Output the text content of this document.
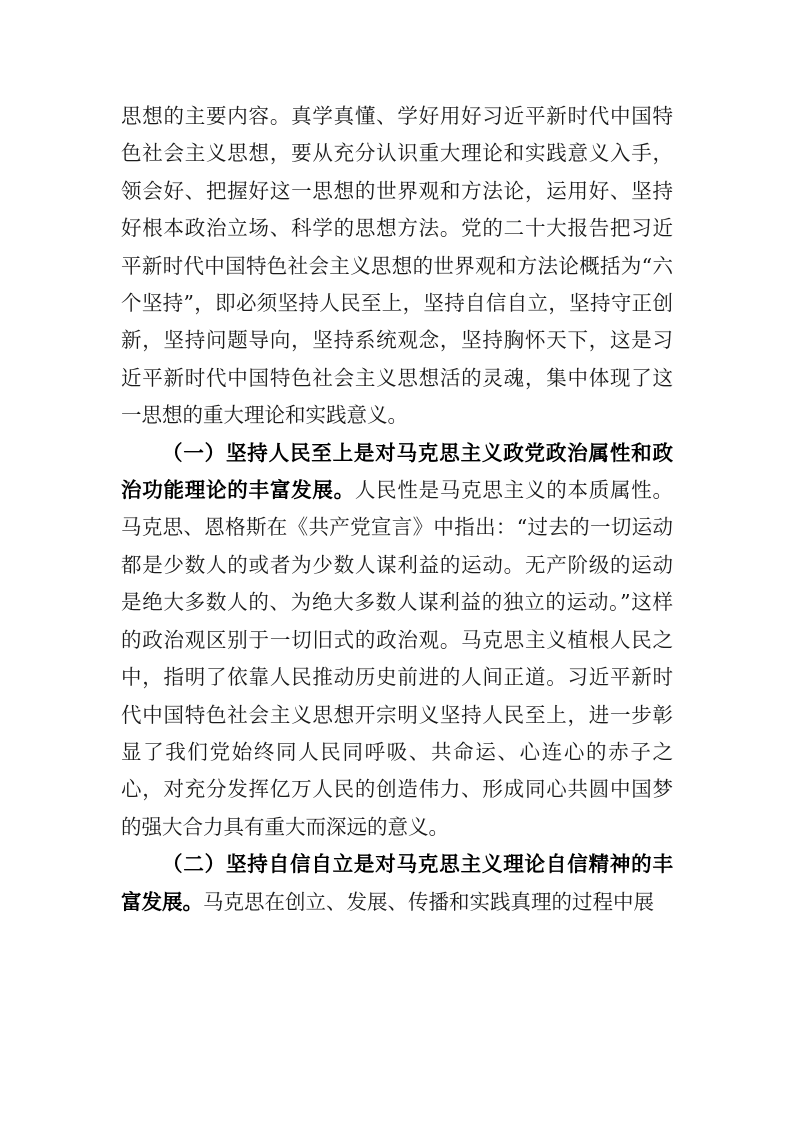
思想的主要内容。真学真懂、学好用好习近平新时代中国特色社会主义思想，要从充分认识重大理论和实践意义入手，领会好、把握好这一思想的世界观和方法论，运用好、坚持好根本政治立场、科学的思想方法。党的二十大报告把习近平新时代中国特色社会主义思想的世界观和方法论概括为“六个坚持”，即必须坚持人民至上，坚持自信自立，坚持守正创新，坚持问题导向，坚持系统观念，坚持胸怀天下，这是习近平新时代中国特色社会主义思想活的灵魂，集中体现了这一思想的重大理论和实践意义。

（一）坚持人民至上是对马克思主义政党政治属性和政治功能理论的丰富发展。人民性是马克思主义的本质属性。马克思、恩格斯在《共产党宣言》中指出：“过去的一切运动都是少数人的或者为少数人谋利益的运动。无产阶级的运动是绝大多数人的、为绝大多数人谋利益的独立的运动。”这样的政治观区别于一切旧式的政治观。马克思主义植根人民之中，指明了依靠人民推动历史前进的人间正道。习近平新时代中国特色社会主义思想开宗明义坚持人民至上，进一步彰显了我们党始终同人民同呼吸、共命运、心连心的赤子之心，对充分发挥亿万人民的创造伟力、形成同心共圆中国梦的强大合力具有重大而深远的意义。

（二）坚持自信自立是对马克思主义理论自信精神的丰富发展。马克思在创立、发展、传播和实践真理的过程中展
